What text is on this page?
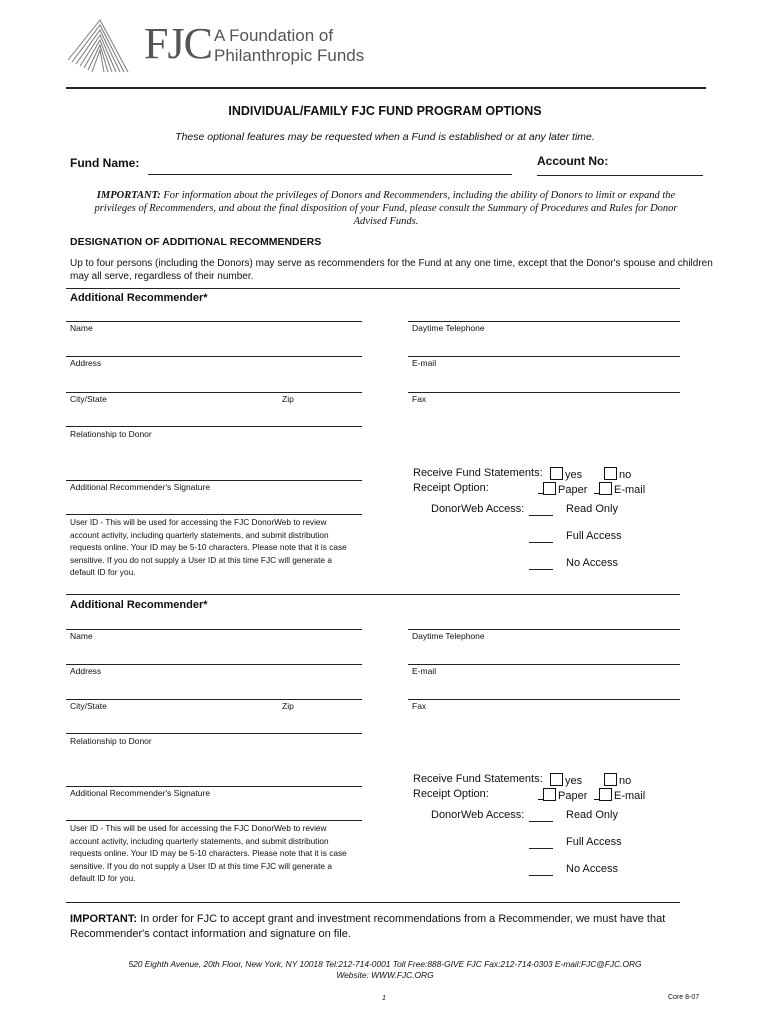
FJC A Foundation of
Philanthropic Funds
INDIVIDUAL/FAMILY FJC FUND PROGRAM OPTIONS
These optional features may be requested when a Fund is established or at any later time.
Fund Name:	Account No:
IMPORTANT: For information about the privileges of Donors and Recommenders, including the ability of Donors to limit or expand the
privileges of Recommenders, and about the final disposition of your Fund, please consult the Summary of Procedures and Rules for Donor
Advised Funds.
DESIGNATION OF ADDITIONAL RECOMMENDERS
Up to four persons (including the Donors) may serve as recommenders for the Fund at any one time, except that the Donor's spouse and children
may all serve, regardless of their number.
Additional Recommender*
Name	Daytime Telephone
Address	E-mail
City/State	Zip	Fax
Relationship to Donor
Additional Recommender's Signature
Receive Fund Statements:	yes	no
Receipt Option:	Paper	E-mail
DonorWeb Access:	Read Only
Full Access
No Access
User ID - This will be used for accessing the FJC DonorWeb to review
account activity, including quarterly statements, and submit distribution
requests online. Your ID may be 5-10 characters. Please note that it is case
sensitive. If you do not supply a User ID at this time FJC will generate a
default ID for you.
Additional Recommender*
Name	Daytime Telephone
Address	E-mail
City/State	Zip	Fax
Relationship to Donor
Additional Recommender's Signature
Receive Fund Statements:	yes	no
Receipt Option:	Paper	E-mail
DonorWeb Access:	Read Only
Full Access
No Access
User ID - This will be used for accessing the FJC DonorWeb to review
account activity, including quarterly statements, and submit distribution
requests online. Your ID may be 5-10 characters. Please note that it is case
sensitive. If you do not supply a User ID at this time FJC will generate a
default ID for you.
IMPORTANT: In order for FJC to accept grant and investment recommendations from a Recommender, we must have that
Recommender's contact information and signature on file.
520 Eighth Avenue, 20th Floor, New York, NY 10018 Tel:212-714-0001 Toll Free:888-GIVE FJC Fax:212-714-0303 E-mail:FJC@FJC.ORG
Website: WWW.FJC.ORG
1	Core 8-07
